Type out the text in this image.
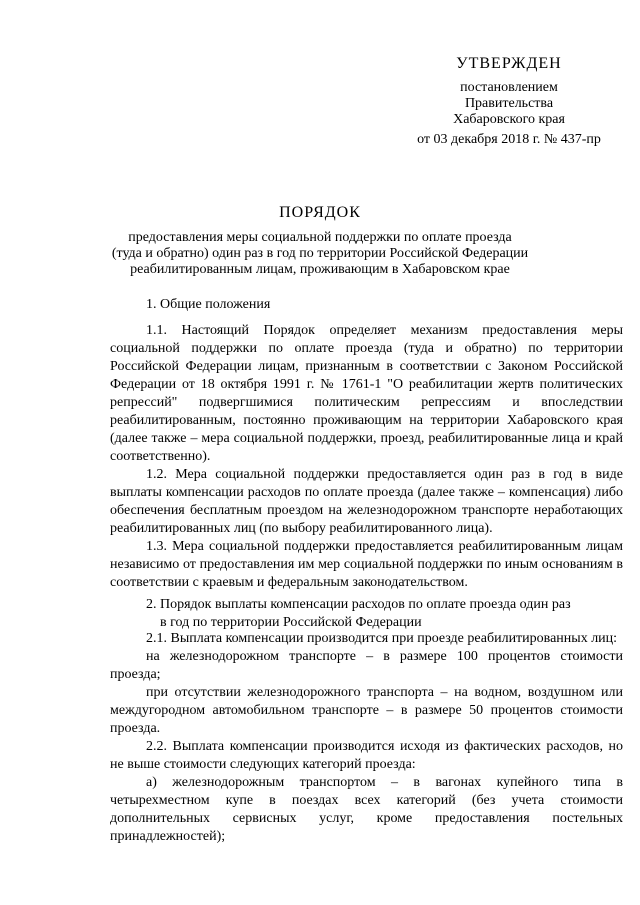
УТВЕРЖДЕН
постановлением
Правительства
Хабаровского края
от 03 декабря 2018 г. № 437-пр
ПОРЯДОК
предоставления меры социальной поддержки по оплате проезда
(туда и обратно) один раз в год по территории Российской Федерации
реабилитированным лицам, проживающим в Хабаровском крае

1. Общие положения

1.1. Настоящий Порядок определяет механизм предоставления меры социальной поддержки по оплате проезда (туда и обратно) по территории Российской Федерации лицам, признанным в соответствии с Законом Российской Федерации от 18 октября 1991 г. № 1761-1 "О реабилитации жертв политических репрессий" подвергшимися политическим репрессиям и впоследствии реабилитированным, постоянно проживающим на территории Хабаровского края (далее также – мера социальной поддержки, проезд, реабилитированные лица и край соответственно).

1.2. Мера социальной поддержки предоставляется один раз в год в виде выплаты компенсации расходов по оплате проезда (далее также – компенсация) либо обеспечения бесплатным проездом на железнодорожном транспорте неработающих реабилитированных лиц (по выбору реабилитированного лица).

1.3. Мера социальной поддержки предоставляется реабилитированным лицам независимо от предоставления им мер социальной поддержки по иным основаниям в соответствии с краевым и федеральным законодательством.

2. Порядок выплаты компенсации расходов по оплате проезда один раз
в год по территории Российской Федерации

2.1. Выплата компенсации производится при проезде реабилитированных лиц:

на железнодорожном транспорте – в размере 100 процентов стоимости проезда;

при отсутствии железнодорожного транспорта – на водном, воздушном или междугородном автомобильном транспорте – в размере 50 процентов стоимости проезда.

2.2. Выплата компенсации производится исходя из фактических расходов, но не выше стоимости следующих категорий проезда:

а) железнодорожным транспортом – в вагонах купейного типа в четырехместном купе в поездах всех категорий (без учета стоимости дополнительных сервисных услуг, кроме предоставления постельных принадлежностей);
